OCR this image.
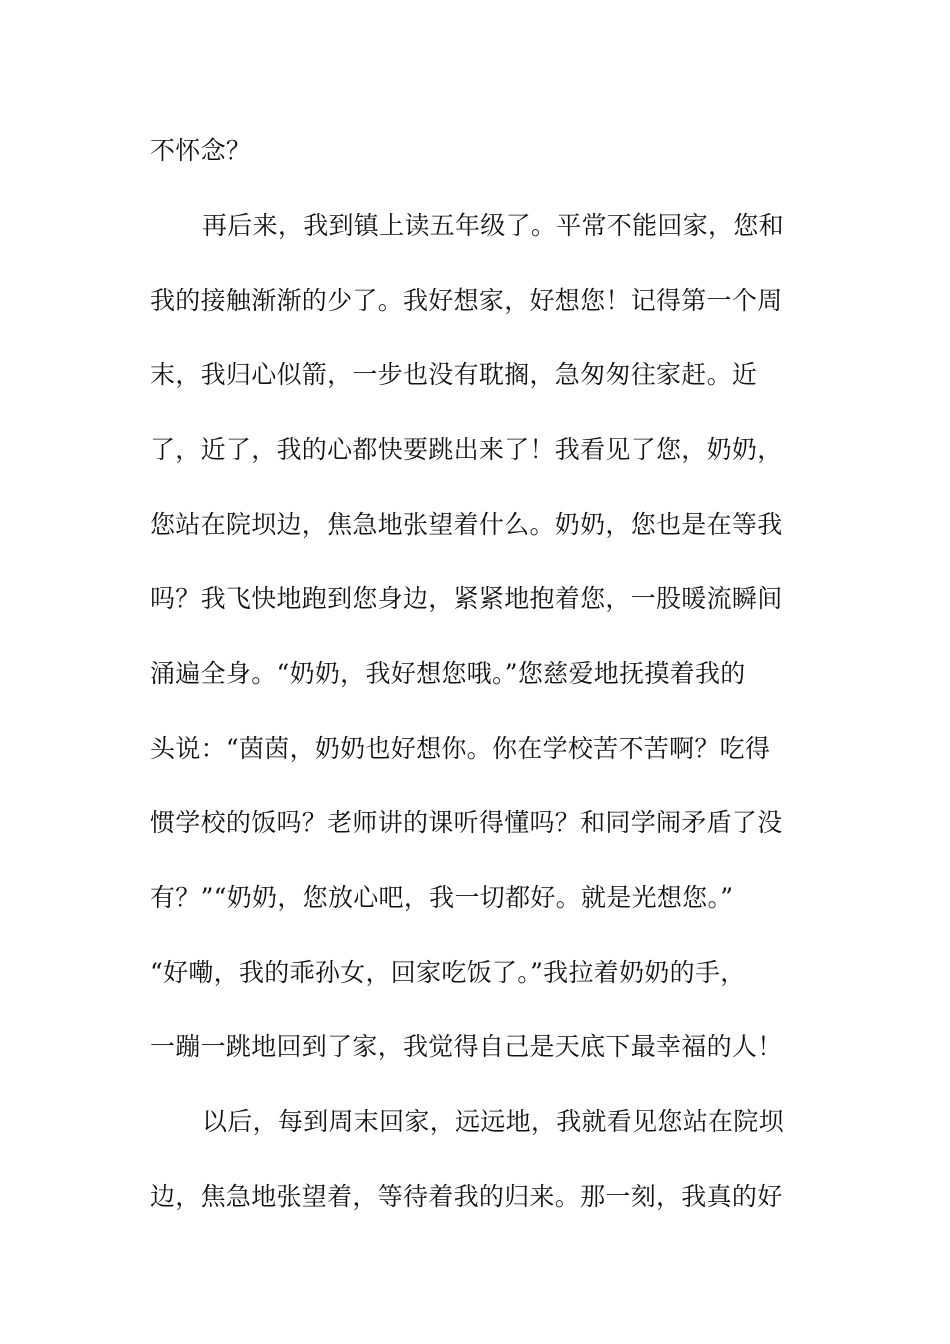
不怀念？
再后来，我到镇上读五年级了。平常不能回家，您和
我的接触渐渐的少了。我好想家，好想您！记得第一个周
末，我归心似箭，一步也没有耽搁，急匆匆往家赶。近
了，近了，我的心都快要跳出来了！我看见了您，奶奶，
您站在院坝边，焦急地张望着什么。奶奶，您也是在等我
吗？我飞快地跑到您身边，紧紧地抱着您，一股暖流瞬间
涌遍全身。“奶奶，我好想您哦。”您慈爱地抚摸着我的
头说：“茵茵，奶奶也好想你。你在学校苦不苦啊？吃得
惯学校的饭吗？老师讲的课听得懂吗？和同学闹矛盾了没
有？”“奶奶，您放心吧，我一切都好。就是光想您。”
“好嘞，我的乖孙女，回家吃饭了。”我拉着奶奶的手，
一蹦一跳地回到了家，我觉得自己是天底下最幸福的人！
以后，每到周末回家，远远地，我就看见您站在院坝
边，焦急地张望着，等待着我的归来。那一刻，我真的好
